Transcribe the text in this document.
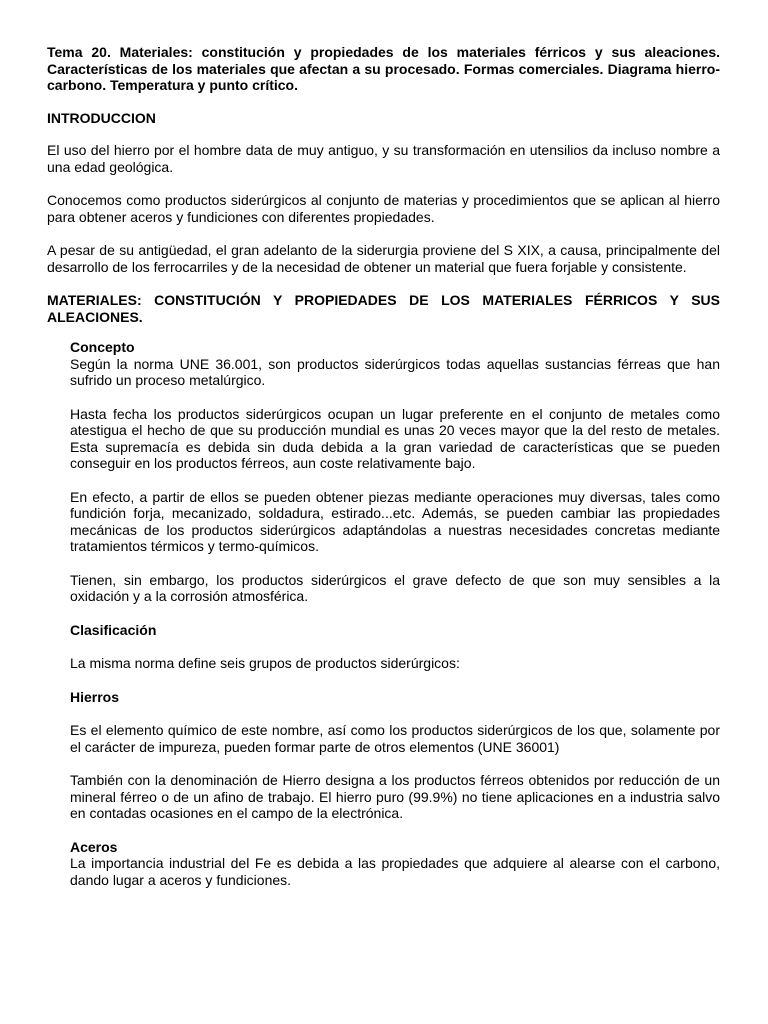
Tema 20. Materiales: constitución y propiedades de los materiales férricos y sus aleaciones. Características de los materiales que afectan a su procesado. Formas comerciales. Diagrama hierro-carbono. Temperatura y punto crítico.

INTRODUCCION

El uso del hierro por el hombre data de muy antiguo, y su transformación en utensilios da incluso nombre a una edad geológica.

Conocemos como productos siderúrgicos al conjunto de materias y procedimientos que se aplican al hierro para obtener aceros y fundiciones con diferentes propiedades.

A pesar de su antigüedad, el gran adelanto de la siderurgia proviene del S XIX, a causa, principalmente del desarrollo de los ferrocarriles y de la necesidad de obtener un material que fuera forjable y consistente.

MATERIALES: CONSTITUCIÓN Y PROPIEDADES DE LOS MATERIALES FÉRRICOS Y SUS ALEACIONES.

Concepto

Según la norma UNE 36.001, son productos siderúrgicos todas aquellas sustancias férreas que han sufrido un proceso metalúrgico.

Hasta fecha los productos siderúrgicos ocupan un lugar preferente en el conjunto de metales como atestigua el hecho de que su producción mundial es unas 20 veces mayor que la del resto de metales. Esta supremacía es debida sin duda debida a la gran variedad de características que se pueden conseguir en los productos férreos, aun coste relativamente bajo.

En efecto, a partir de ellos se pueden obtener piezas mediante operaciones muy diversas, tales como fundición forja, mecanizado, soldadura, estirado...etc. Además, se pueden cambiar las propiedades mecánicas de los productos siderúrgicos adaptándolas a nuestras necesidades concretas mediante tratamientos térmicos y termo-químicos.

Tienen, sin embargo, los productos siderúrgicos el grave defecto de que son muy sensibles a la oxidación y a la corrosión atmosférica.

Clasificación

La misma norma define seis grupos de productos siderúrgicos:

Hierros

Es el elemento químico de este nombre, así como los productos siderúrgicos de los que, solamente por el carácter de impureza, pueden formar parte de otros elementos (UNE 36001)

También con la denominación de Hierro designa a los productos férreos obtenidos por reducción de un mineral férreo o de un afino de trabajo. El hierro puro (99.9%) no tiene aplicaciones en a industria salvo en contadas ocasiones en el campo de la electrónica.

Aceros

La importancia industrial del Fe es debida a las propiedades que adquiere al alearse con el carbono, dando lugar a aceros y fundiciones.
